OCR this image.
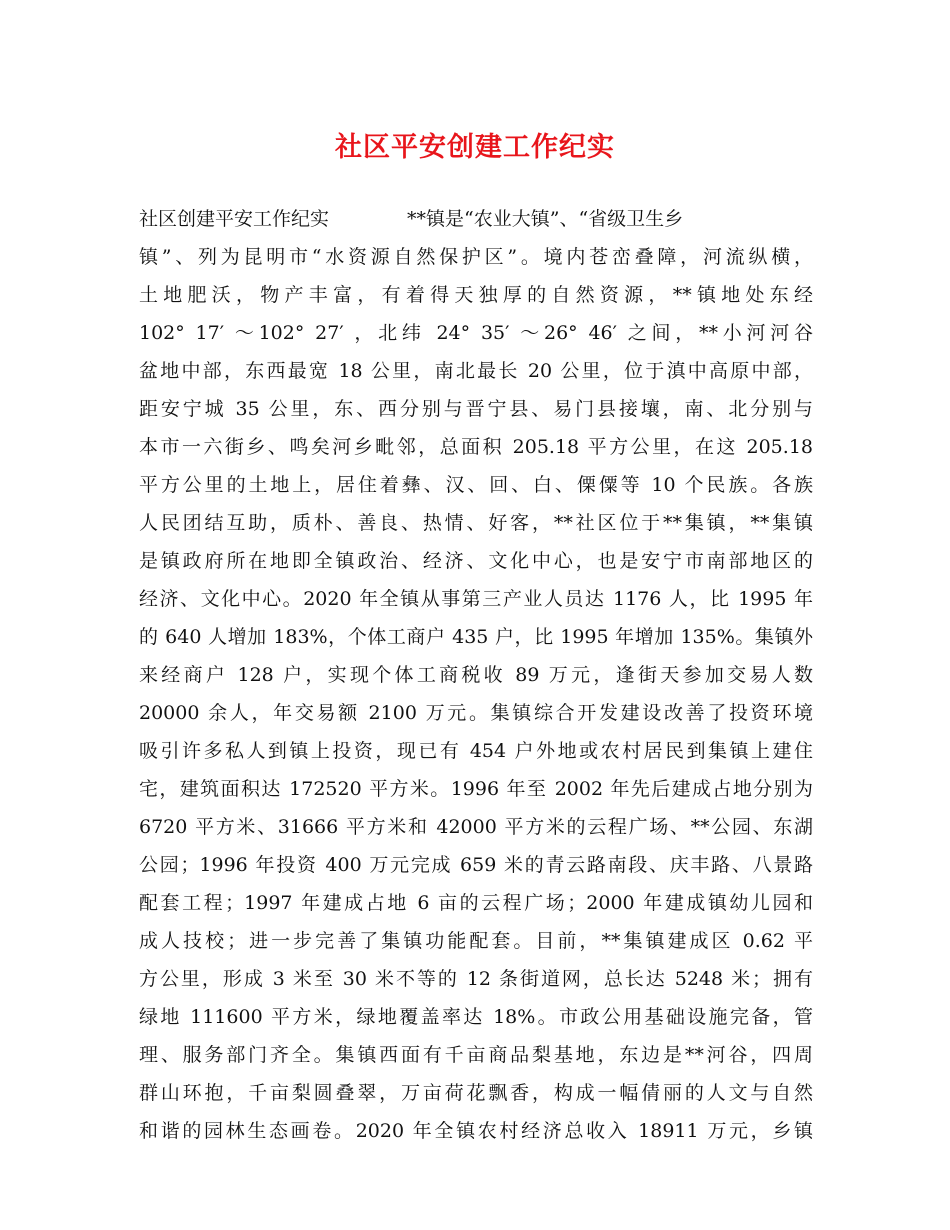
社区平安创建工作纪实
社区创建平安工作纪实	**镇是“农业大镇”、“省级卫生乡
镇”、列为昆明市“水资源自然保护区”。境内苍峦叠障，河流纵横，
土地肥沃，物产丰富，有着得天独厚的自然资源，**镇地处东经
102° 17′ ～102° 27′ ，北纬 24° 35′ ～26° 46′ 之间，**小河河谷
盆地中部，东西最宽 18 公里，南北最长 20 公里，位于滇中高原中部，
距安宁城 35 公里，东、西分别与晋宁县、易门县接壤，南、北分别与
本市一六街乡、鸣矣河乡毗邻，总面积 205.18 平方公里，在这 205.18
平方公里的土地上，居住着彝、汉、回、白、傈僳等 10 个民族。各族
人民团结互助，质朴、善良、热情、好客，**社区位于**集镇，**集镇
是镇政府所在地即全镇政治、经济、文化中心，也是安宁市南部地区的
经济、文化中心。2020 年全镇从事第三产业人员达 1176 人，比 1995 年
的 640 人增加 183%，个体工商户 435 户，比 1995 年增加 135%。集镇外
来经商户 128 户，实现个体工商税收 89 万元，逢街天参加交易人数
20000 余人，年交易额 2100 万元。集镇综合开发建设改善了投资环境
吸引许多私人到镇上投资，现已有 454 户外地或农村居民到集镇上建住
宅，建筑面积达 172520 平方米。1996 年至 2002 年先后建成占地分别为
6720 平方米、31666 平方米和 42000 平方米的云程广场、**公园、东湖
公园；1996 年投资 400 万元完成 659 米的青云路南段、庆丰路、八景路
配套工程；1997 年建成占地 6 亩的云程广场；2000 年建成镇幼儿园和
成人技校；进一步完善了集镇功能配套。目前，**集镇建成区 0.62 平
方公里，形成 3 米至 30 米不等的 12 条街道网，总长达 5248 米；拥有
绿地 111600 平方米，绿地覆盖率达 18%。市政公用基础设施完备，管
理、服务部门齐全。集镇西面有千亩商品梨基地，东边是**河谷，四周
群山环抱，千亩梨圆叠翠，万亩荷花飘香，构成一幅倩丽的人文与自然
和谐的园林生态画卷。2020 年全镇农村经济总收入 18911 万元，乡镇
